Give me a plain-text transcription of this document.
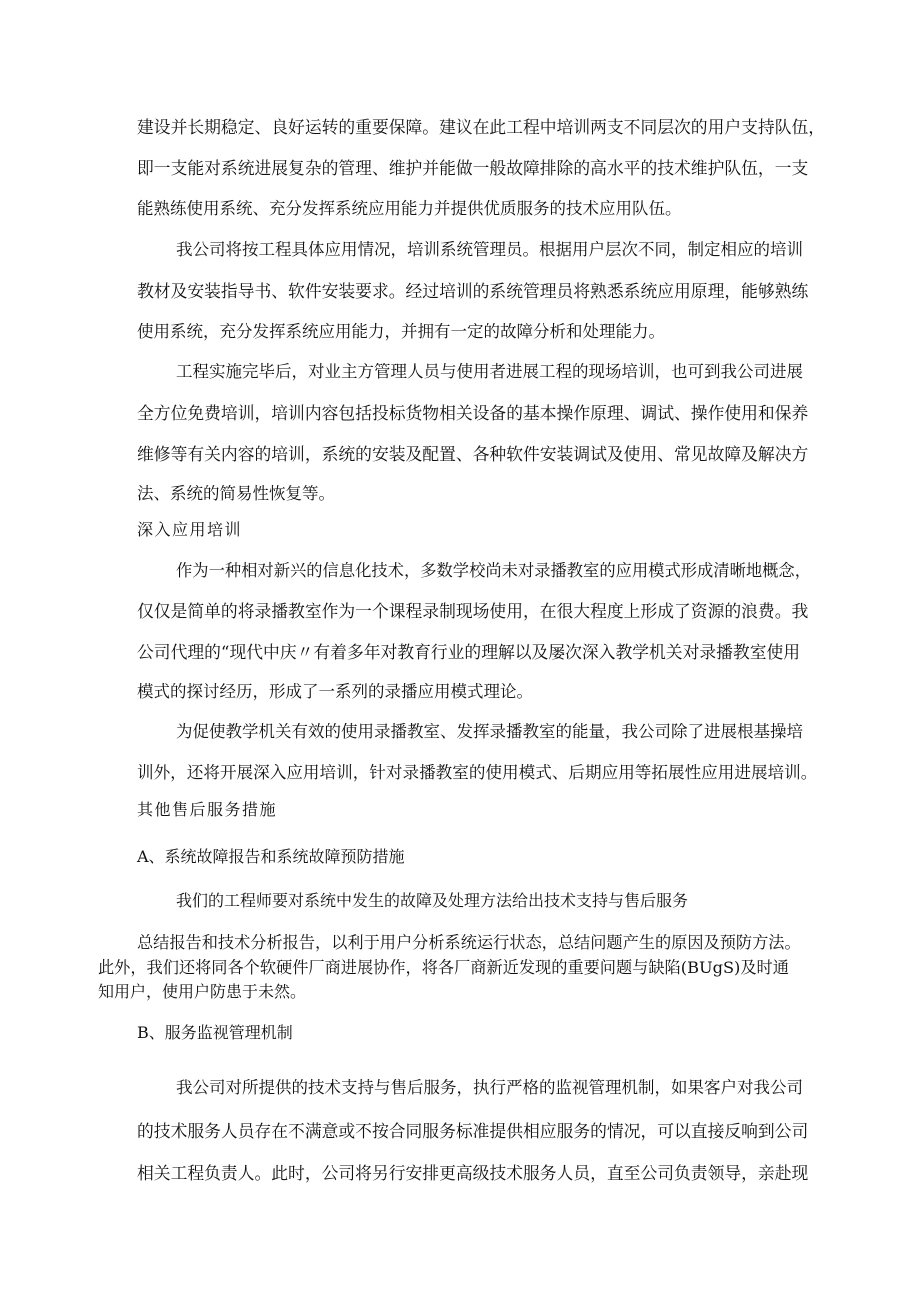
建设并长期稳定、良好运转的重要保障。建议在此工程中培训两支不同层次的用户支持队伍，

即一支能对系统进展复杂的管理、维护并能做一般故障排除的高水平的技术维护队伍，一支

能熟练使用系统、充分发挥系统应用能力并提供优质服务的技术应用队伍。

我公司将按工程具体应用情况，培训系统管理员。根据用户层次不同，制定相应的培训

教材及安装指导书、软件安装要求。经过培训的系统管理员将熟悉系统应用原理，能够熟练

使用系统，充分发挥系统应用能力，并拥有一定的故障分析和处理能力。

工程实施完毕后，对业主方管理人员与使用者进展工程的现场培训，也可到我公司进展

全方位免费培训，培训内容包括投标货物相关设备的基本操作原理、调试、操作使用和保养

维修等有关内容的培训，系统的安装及配置、各种软件安装调试及使用、常见故障及解决方

法、系统的简易性恢复等。

深入应用培训

作为一种相对新兴的信息化技术，多数学校尚未对录播教室的应用模式形成清晰地概念，

仅仅是简单的将录播教室作为一个课程录制现场使用，在很大程度上形成了资源的浪费。我

公司代理的“现代中庆〃有着多年对教育行业的理解以及屡次深入教学机关对录播教室使用

模式的探讨经历，形成了一系列的录播应用模式理论。

为促使教学机关有效的使用录播教室、发挥录播教室的能量，我公司除了进展根基操培

训外，还将开展深入应用培训，针对录播教室的使用模式、后期应用等拓展性应用进展培训。

其他售后服务措施

A、系统故障报告和系统故障预防措施

我们的工程师要对系统中发生的故障及处理方法给出技术支持与售后服务

总结报告和技术分析报告，以利于用户分析系统运行状态，总结问题产生的原因及预防方法。

此外，我们还将同各个软硬件厂商进展协作，将各厂商新近发现的重要问题与缺陷(BUgS)及时通

知用户，使用户防患于未然。

B、服务监视管理机制

我公司对所提供的技术支持与售后服务，执行严格的监视管理机制，如果客户对我公司

的技术服务人员存在不满意或不按合同服务标准提供相应服务的情况，可以直接反响到公司

相关工程负责人。此时，公司将另行安排更高级技术服务人员，直至公司负责领导，亲赴现
